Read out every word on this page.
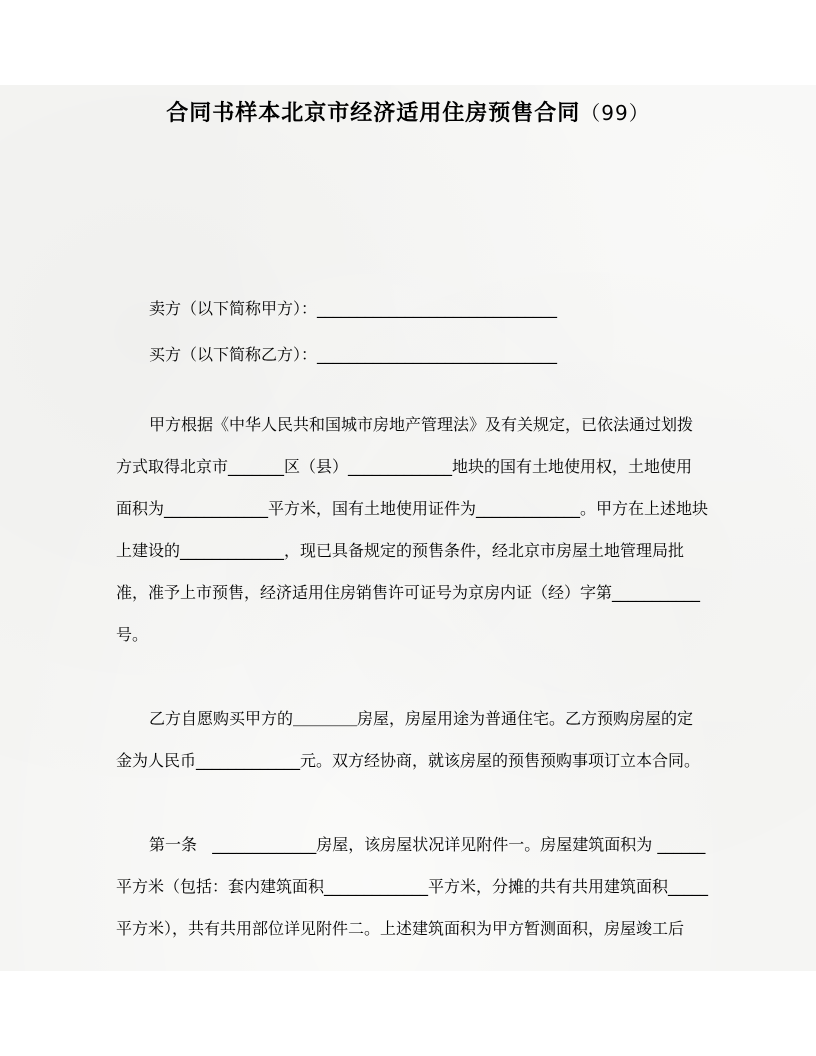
合同书样本北京市经济适用住房预售合同（99）
卖方（以下简称甲方）：______________________________
买方（以下简称乙方）：______________________________
甲方根据《中华人民共和国城市房地产管理法》及有关规定，已依法通过划拨
方式取得北京市_______区（县）_____________地块的国有土地使用权，土地使用
面积为_____________平方米，国有土地使用证件为_____________。甲方在上述地块
上建设的_____________，现已具备规定的预售条件，经北京市房屋土地管理局批
准，准予上市预售，经济适用住房销售许可证号为京房内证（经）字第___________
号。
乙方自愿购买甲方的＿＿＿＿房屋，房屋用途为普通住宅。乙方预购房屋的定
金为人民币_____________元。双方经协商，就该房屋的预售预购事项订立本合同。
第一条   _____________房屋，该房屋状况详见附件一。房屋建筑面积为 ______
平方米（包括：套内建筑面积_____________平方米，分摊的共有共用建筑面积_____
平方米），共有共用部位详见附件二。上述建筑面积为甲方暂测面积，房屋竣工后
